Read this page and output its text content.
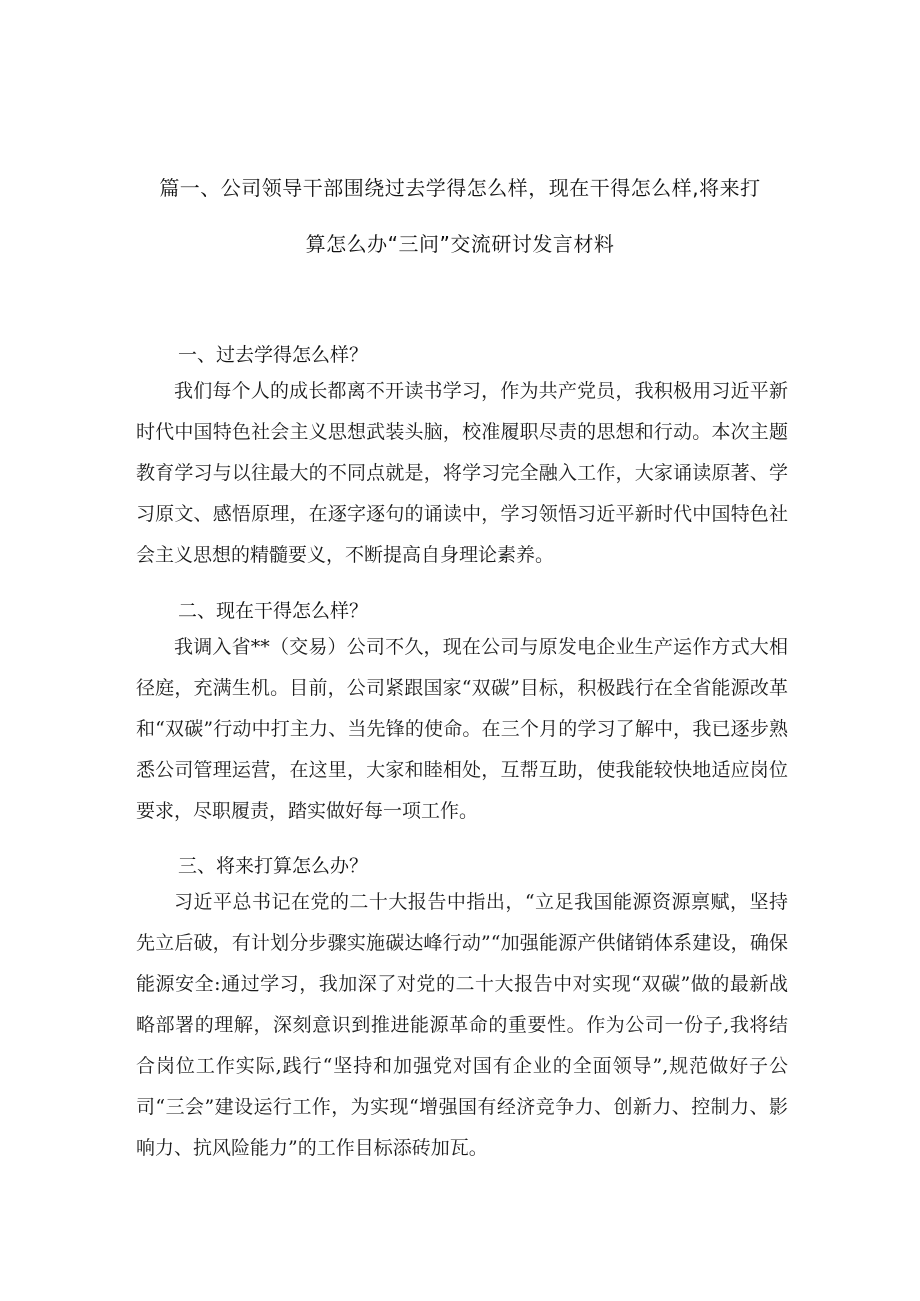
篇一、公司领导干部围绕过去学得怎么样，现在干得怎么样,将来打
算怎么办“三问”交流研讨发言材料
一、过去学得怎么样？
我们每个人的成长都离不开读书学习，作为共产党员，我积极用习近平新时代中国特色社会主义思想武装头脑，校准履职尽责的思想和行动。本次主题教育学习与以往最大的不同点就是，将学习完全融入工作，大家诵读原著、学习原文、感悟原理，在逐字逐句的诵读中，学习领悟习近平新时代中国特色社会主义思想的精髓要义，不断提高自身理论素养。
二、现在干得怎么样？
我调入省**（交易）公司不久，现在公司与原发电企业生产运作方式大相径庭，充满生机。目前，公司紧跟国家“双碳”目标，积极践行在全省能源改革和“双碳”行动中打主力、当先锋的使命。在三个月的学习了解中，我已逐步熟悉公司管理运营，在这里，大家和睦相处，互帮互助，使我能较快地适应岗位要求，尽职履责，踏实做好每一项工作。
三、将来打算怎么办？
习近平总书记在党的二十大报告中指出，“立足我国能源资源禀赋，坚持先立后破，有计划分步骤实施碳达峰行动”“加强能源产供储销体系建设，确保能源安全:通过学习，我加深了对党的二十大报告中对实现“双碳”做的最新战略部署的理解，深刻意识到推进能源革命的重要性。作为公司一份子,我将结合岗位工作实际,践行“坚持和加强党对国有企业的全面领导”,规范做好子公司“三会”建设运行工作，为实现“增强国有经济竞争力、创新力、控制力、影响力、抗风险能力”的工作目标添砖加瓦。
